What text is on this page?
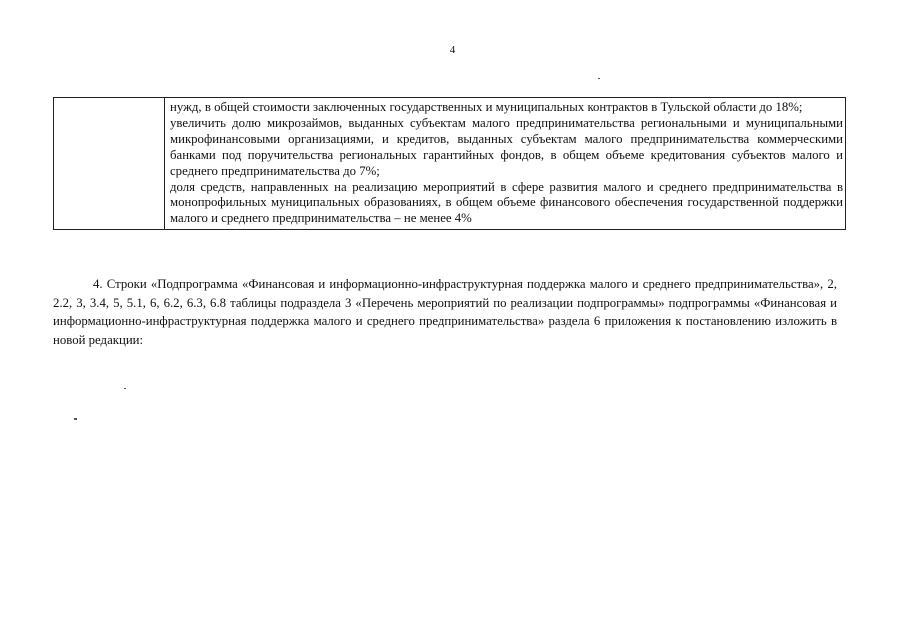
4

нужд, в общей стоимости заключенных государственных и муниципальных контрактов в Тульской области до 18%;

увеличить долю микрозаймов, выданных субъектам малого предпринимательства региональными и муниципальными микрофинансовыми организациями, и кредитов, выданных субъектам малого предпринимательства коммерческими банками под поручительства региональных гарантийных фондов, в общем объеме кредитования субъектов малого и среднего предпринимательства до 7%;

доля средств, направленных на реализацию мероприятий в сфере развития малого и среднего предпринимательства в монопрофильных муниципальных образованиях, в общем объеме финансового обеспечения государственной поддержки малого и среднего предпринимательства – не менее 4%

4. Строки «Подпрограмма «Финансовая и информационно-инфраструктурная поддержка малого и среднего предпринимательства», 2, 2.2, 3, 3.4, 5, 5.1, 6, 6.2, 6.3, 6.8 таблицы подраздела 3 «Перечень мероприятий по реализации подпрограммы» подпрограммы «Финансовая и информационно-инфраструктурная поддержка малого и среднего предпринимательства» раздела 6 приложения к постановлению изложить в новой редакции:
